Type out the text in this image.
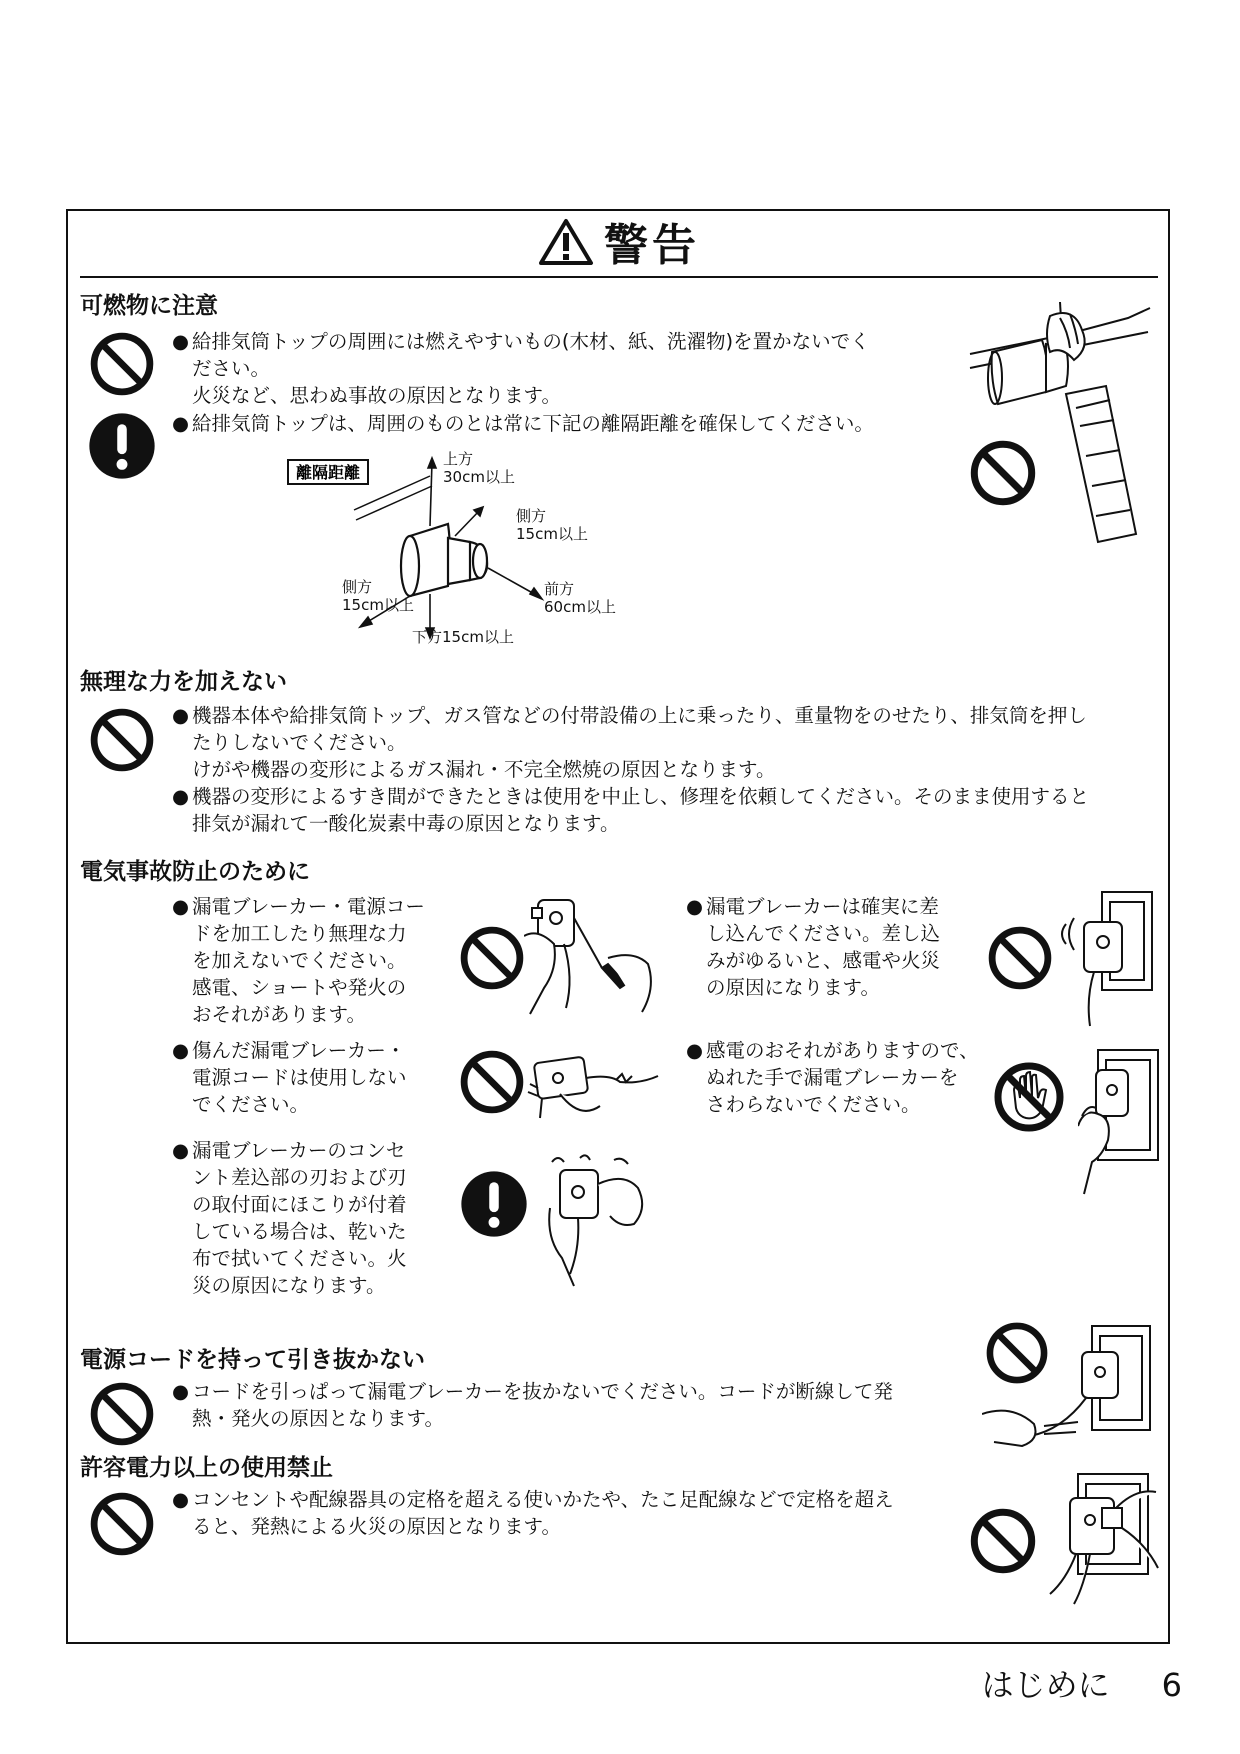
警告
可燃物に注意
● 給排気筒トップの周囲には燃えやすいもの(木材、紙、洗濯物)を置かないでく
ださい。
火災など、思わぬ事故の原因となります。
● 給排気筒トップは、周囲のものとは常に下記の離隔距離を確保してください。
離隔距離
上方
30cm以上
側方
15cm以上
側方
15cm以上
前方
60cm以上
下方15cm以上
無理な力を加えない
● 機器本体や給排気筒トップ、ガス管などの付帯設備の上に乗ったり、重量物をのせたり、排気筒を押し
たりしないでください。
けがや機器の変形によるガス漏れ・不完全燃焼の原因となります。
● 機器の変形によるすき間ができたときは使用を中止し、修理を依頼してください。そのまま使用すると
排気が漏れて一酸化炭素中毒の原因となります。
電気事故防止のために
● 漏電ブレーカー・電源コー
ドを加工したり無理な力
を加えないでください。
感電、ショートや発火の
おそれがあります。
● 傷んだ漏電ブレーカー・
電源コードは使用しない
でください。
● 漏電ブレーカーのコンセ
ント差込部の刃および刃
の取付面にほこりが付着
している場合は、乾いた
布で拭いてください。火
災の原因になります。
● 漏電ブレーカーは確実に差
し込んでください。差し込
みがゆるいと、感電や火災
の原因になります。
● 感電のおそれがありますので、
ぬれた手で漏電ブレーカーを
さわらないでください。
電源コードを持って引き抜かない
● コードを引っぱって漏電ブレーカーを抜かないでください。コードが断線して発
熱・発火の原因となります。
許容電力以上の使用禁止
● コンセントや配線器具の定格を超える使いかたや、たこ足配線などで定格を超え
ると、発熱による火災の原因となります。
はじめに 6
